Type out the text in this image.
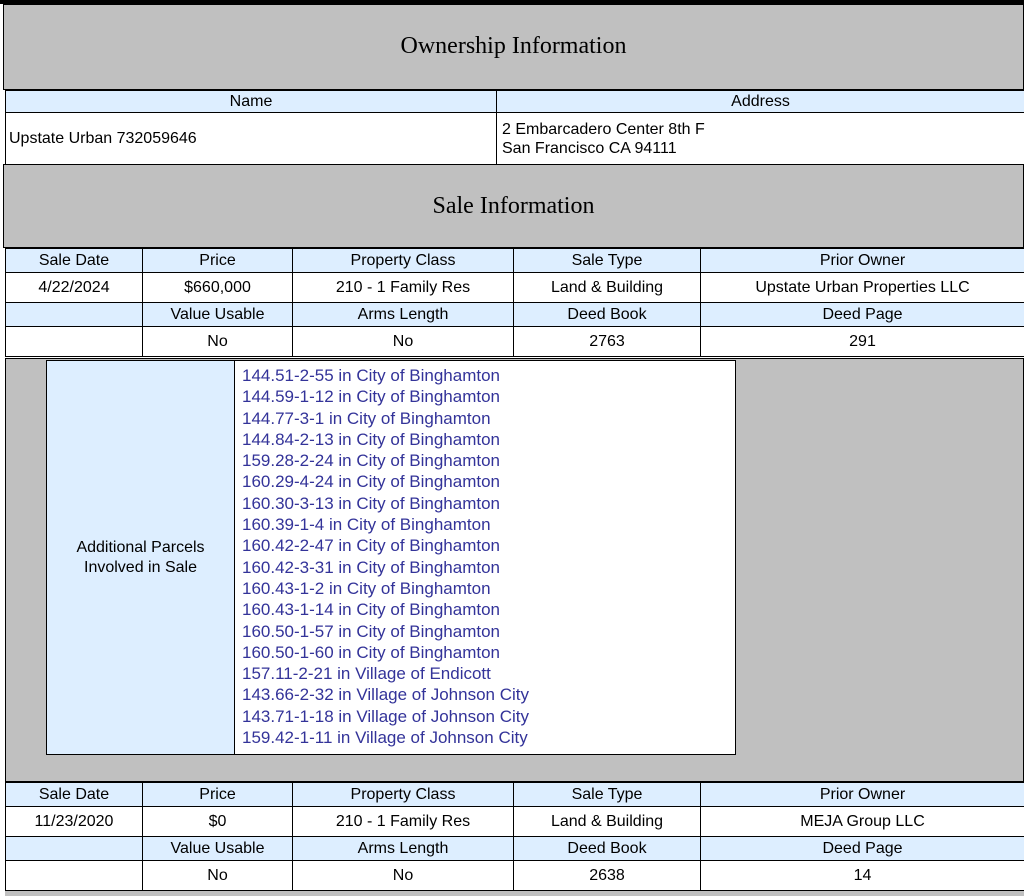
Ownership Information
Name	Address
Upstate Urban 732059646	2 Embarcadero Center 8th F
San Francisco CA 94111
Sale Information
Sale Date	Price	Property Class	Sale Type	Prior Owner
4/22/2024	$660,000	210 - 1 Family Res	Land & Building	Upstate Urban Properties LLC
	Value Usable	Arms Length	Deed Book	Deed Page
	No	No	2763	291
Additional Parcels
Involved in Sale
144.51-2-55 in City of Binghamton
144.59-1-12 in City of Binghamton
144.77-3-1 in City of Binghamton
144.84-2-13 in City of Binghamton
159.28-2-24 in City of Binghamton
160.29-4-24 in City of Binghamton
160.30-3-13 in City of Binghamton
160.39-1-4 in City of Binghamton
160.42-2-47 in City of Binghamton
160.42-3-31 in City of Binghamton
160.43-1-2 in City of Binghamton
160.43-1-14 in City of Binghamton
160.50-1-57 in City of Binghamton
160.50-1-60 in City of Binghamton
157.11-2-21 in Village of Endicott
143.66-2-32 in Village of Johnson City
143.71-1-18 in Village of Johnson City
159.42-1-11 in Village of Johnson City
Sale Date	Price	Property Class	Sale Type	Prior Owner
11/23/2020	$0	210 - 1 Family Res	Land & Building	MEJA Group LLC
	Value Usable	Arms Length	Deed Book	Deed Page
	No	No	2638	14
